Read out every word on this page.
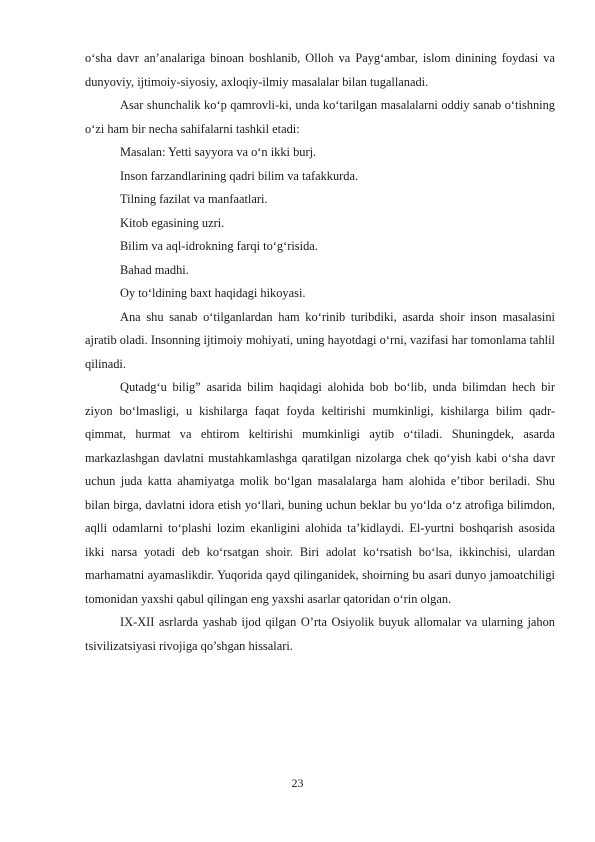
o‘sha davr an’analariga binoan boshlanib, Olloh va Payg‘ambar, islom dinining foydasi va dunyoviy, ijtimoiy-siyosiy, axloqiy-ilmiy masalalar bilan tugallanadi.

Asar shunchalik ko‘p qamrovli-ki, unda ko‘tarilgan masalalarni oddiy sanab o‘tishning o‘zi ham bir necha sahifalarni tashkil etadi:

Masalan: Yetti sayyora va o‘n ikki burj.

Inson farzandlarining qadri bilim va tafakkurda.

Tilning fazilat va manfaatlari.

Kitob egasining uzri.

Bilim va aql-idrokning farqi to‘g‘risida.

Bahad madhi.

Oy to‘ldining baxt haqidagi hikoyasi.

Ana shu sanab o‘tilganlardan ham ko‘rinib turibdiki, asarda shoir inson masalasini ajratib oladi. Insonning ijtimoiy mohiyati, uning hayotdagi o‘rni, vazifasi har tomonlama tahlil qilinadi.

Qutadg‘u bilig” asarida bilim haqidagi alohida bob bo‘lib, unda bilimdan hech bir ziyon bo‘lmasligi, u kishilarga faqat foyda keltirishi mumkinligi, kishilarga bilim qadr-qimmat, hurmat va ehtirom keltirishi mumkinligi aytib o‘tiladi. Shuningdek, asarda markazlashgan davlatni mustahkamlashga qaratilgan nizolarga chek qo‘yish kabi o‘sha davr uchun juda katta ahamiyatga molik bo‘lgan masalalarga ham alohida e’tibor beriladi. Shu bilan birga, davlatni idora etish yo‘llari, buning uchun beklar bu yo‘lda o‘z atrofiga bilimdon, aqlli odamlarni to‘plashi lozim ekanligini alohida ta’kidlaydi. El-yurtni boshqarish asosida ikki narsa yotadi deb ko‘rsatgan shoir. Biri adolat ko‘rsatish bo‘lsa, ikkinchisi, ulardan marhamatni ayamaslikdir. Yuqorida qayd qilinganidek, shoirning bu asari dunyo jamoatchiligi tomonidan yaxshi qabul qilingan eng yaxshi asarlar qatoridan o‘rin olgan.

IX-XII asrlarda yashab ijod qilgan O’rta Osiyolik buyuk allomalar va ularning jahon tsivilizatsiyasi rivojiga qo’shgan hissalari.

23
